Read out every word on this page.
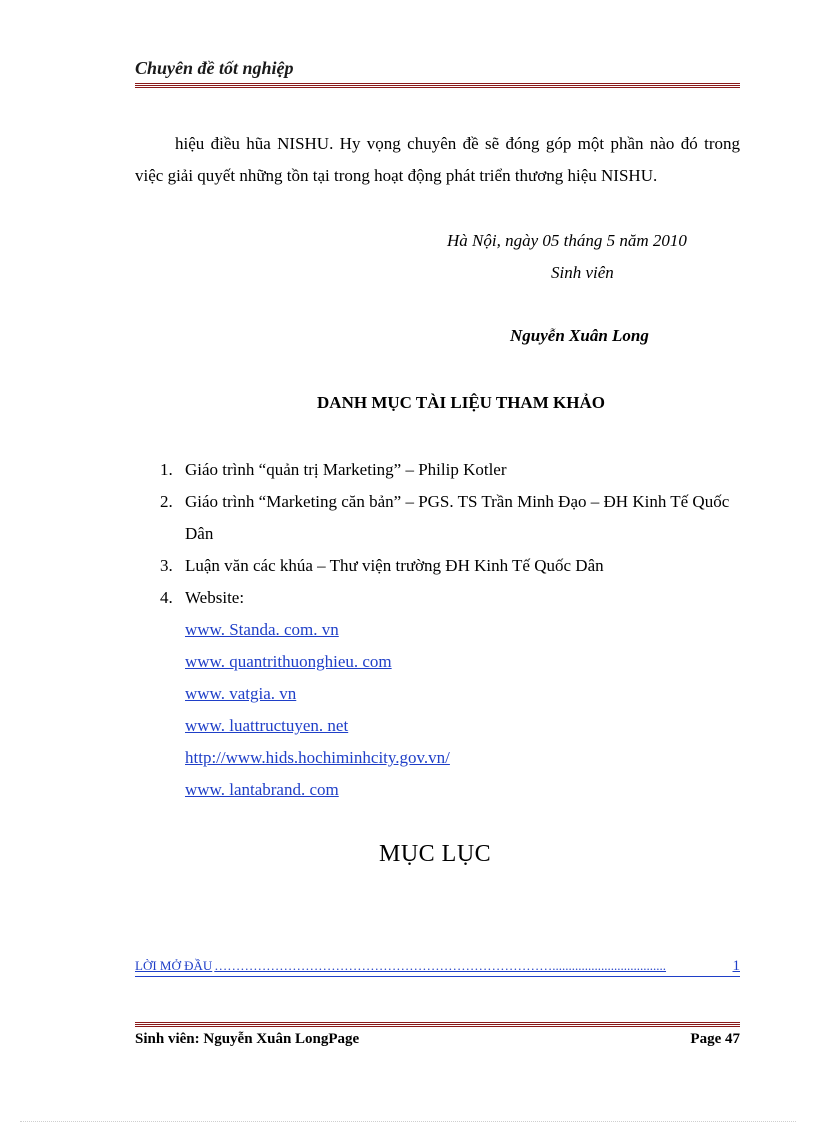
Chuyên đề tốt nghiệp
hiệu điều hũa NISHU. Hy vọng chuyên đề sẽ đóng góp một phần nào đó trong việc giải quyết những tồn tại trong hoạt động phát triển thương hiệu NISHU.
Hà Nội, ngày 05 tháng 5 năm 2010
Sinh viên
Nguyễn Xuân Long
DANH MỤC TÀI LIỆU THAM KHẢO
1. Giáo trình “quản trị Marketing” – Philip Kotler
2. Giáo trình “Marketing căn bản” – PGS. TS Trần Minh Đạo – ĐH Kinh Tế Quốc Dân
3. Luận văn các khúa – Thư viện trường ĐH Kinh Tế Quốc Dân
4. Website:
www. Standa. com. vn
www. quantrithuonghieu. com
www. vatgia. vn
www. luattructuyen. net
http://www.hids.hochiminhcity.gov.vn/
www. lantabrand. com
MỤC LỤC
LỜI MỞ ĐẦU ……………………………………………………………………...................................	1
Sinh viên: Nguyễn Xuân LongPage	Page 47
